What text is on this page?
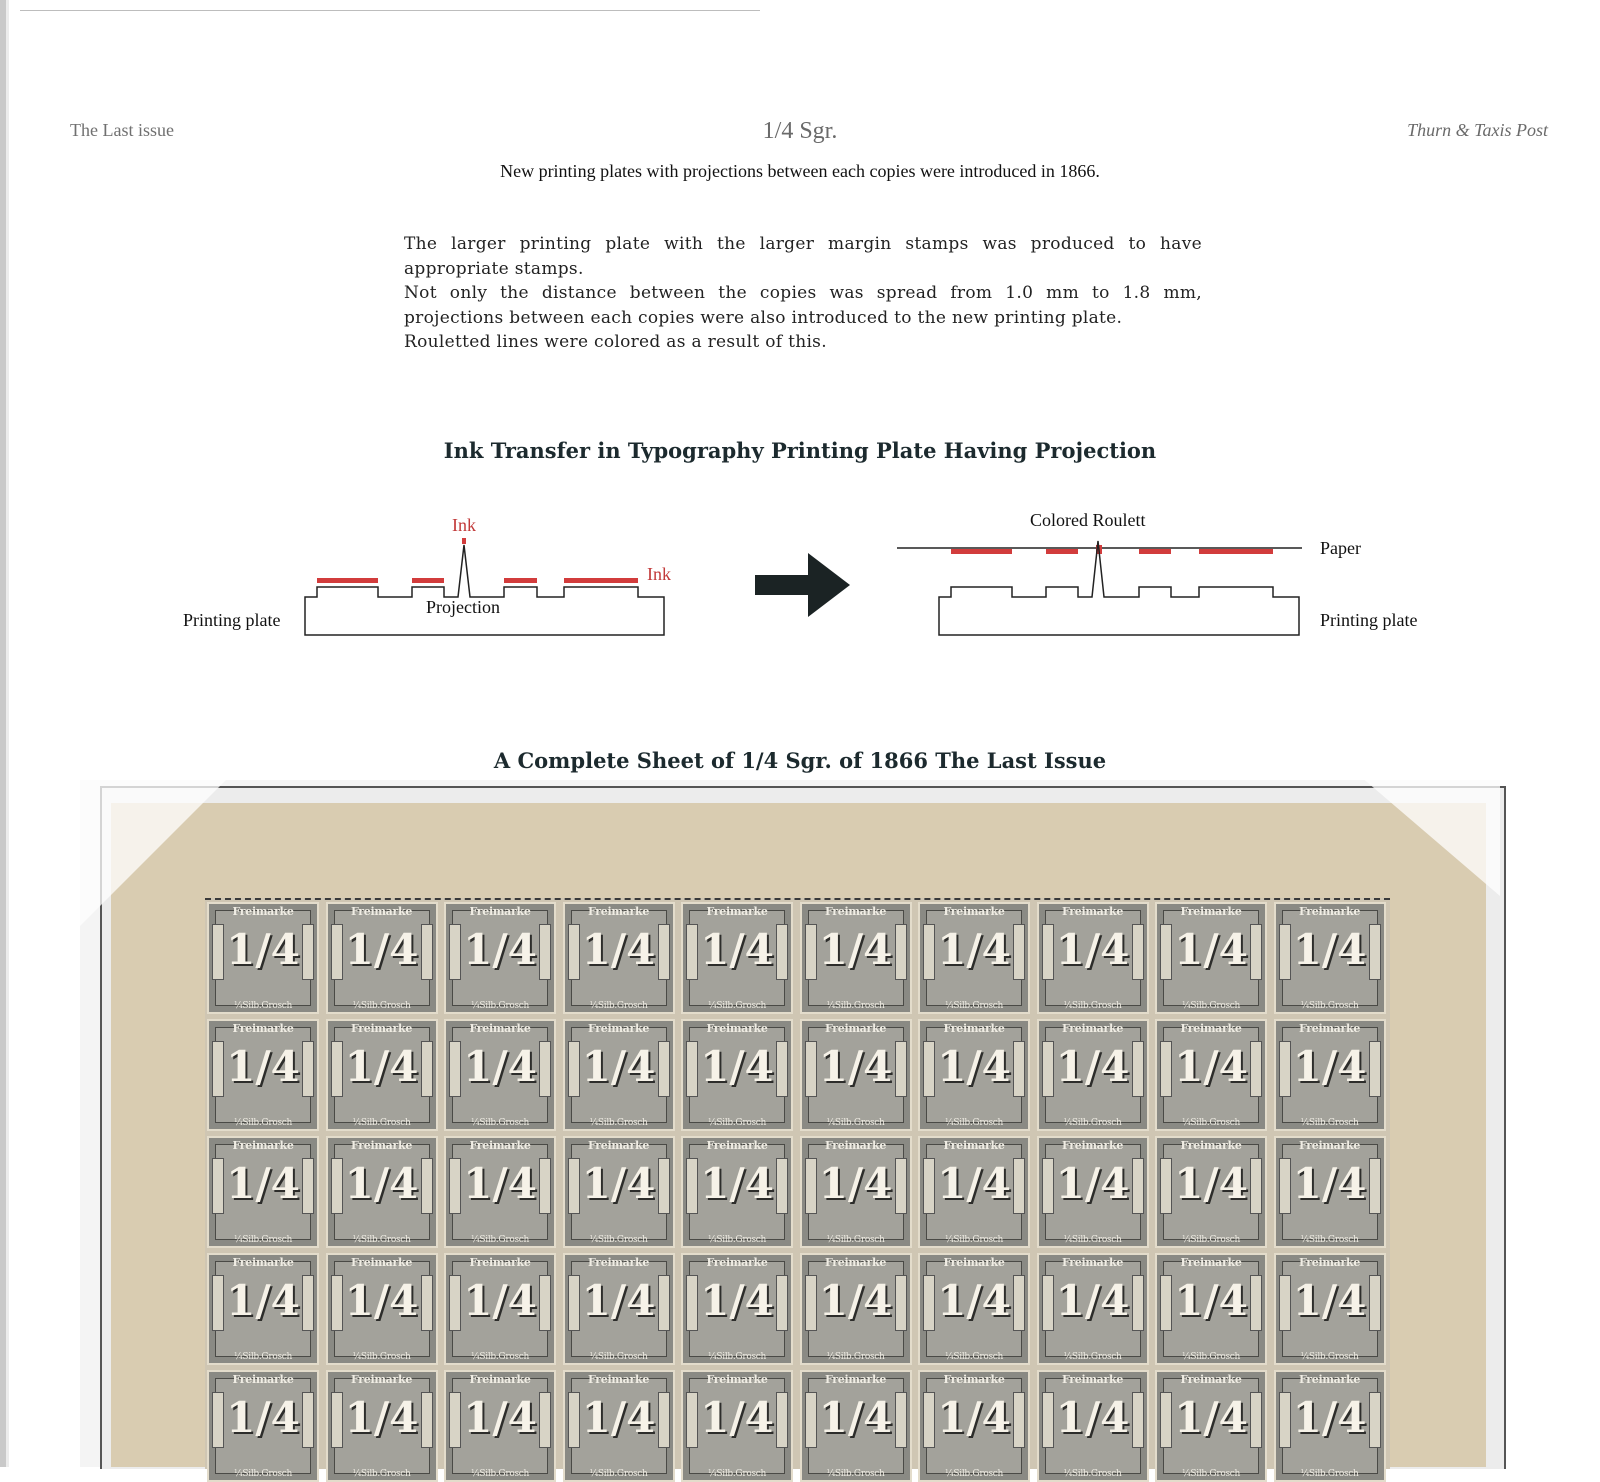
The Last issue	1/4 Sgr.	Thurn & Taxis Post
New printing plates with projections between each copies were introduced in 1866.

The larger printing plate with the larger margin stamps was produced to have appropriate stamps.

Not only the distance between the copies was spread from 1.0 mm to 1.8 mm, projections between each copies were also introduced to the new printing plate.

Rouletted lines were colored as a result of this.

Ink Transfer in Typography Printing Plate Having Projection
Printing plate
Ink
Ink
Projection
Colored Roulett
Paper
Printing plate
A Complete Sheet of 1/4 Sgr. of 1866 The Last Issue
Freimarke
1/4
¼Silb.Grosch
Freimarke
1/4
¼Silb.Grosch
Freimarke
1/4
¼Silb.Grosch
Freimarke
1/4
¼Silb.Grosch
Freimarke
1/4
¼Silb.Grosch
Freimarke
1/4
¼Silb.Grosch
Freimarke
1/4
¼Silb.Grosch
Freimarke
1/4
¼Silb.Grosch
Freimarke
1/4
¼Silb.Grosch
Freimarke
1/4
¼Silb.Grosch
Freimarke
1/4
¼Silb.Grosch
Freimarke
1/4
¼Silb.Grosch
Freimarke
1/4
¼Silb.Grosch
Freimarke
1/4
¼Silb.Grosch
Freimarke
1/4
¼Silb.Grosch
Freimarke
1/4
¼Silb.Grosch
Freimarke
1/4
¼Silb.Grosch
Freimarke
1/4
¼Silb.Grosch
Freimarke
1/4
¼Silb.Grosch
Freimarke
1/4
¼Silb.Grosch
Freimarke
1/4
¼Silb.Grosch
Freimarke
1/4
¼Silb.Grosch
Freimarke
1/4
¼Silb.Grosch
Freimarke
1/4
¼Silb.Grosch
Freimarke
1/4
¼Silb.Grosch
Freimarke
1/4
¼Silb.Grosch
Freimarke
1/4
¼Silb.Grosch
Freimarke
1/4
¼Silb.Grosch
Freimarke
1/4
¼Silb.Grosch
Freimarke
1/4
¼Silb.Grosch
Freimarke
1/4
¼Silb.Grosch
Freimarke
1/4
¼Silb.Grosch
Freimarke
1/4
¼Silb.Grosch
Freimarke
1/4
¼Silb.Grosch
Freimarke
1/4
¼Silb.Grosch
Freimarke
1/4
¼Silb.Grosch
Freimarke
1/4
¼Silb.Grosch
Freimarke
1/4
¼Silb.Grosch
Freimarke
1/4
¼Silb.Grosch
Freimarke
1/4
¼Silb.Grosch
Freimarke
1/4
¼Silb.Grosch
Freimarke
1/4
¼Silb.Grosch
Freimarke
1/4
¼Silb.Grosch
Freimarke
1/4
¼Silb.Grosch
Freimarke
1/4
¼Silb.Grosch
Freimarke
1/4
¼Silb.Grosch
Freimarke
1/4
¼Silb.Grosch
Freimarke
1/4
¼Silb.Grosch
Freimarke
1/4
¼Silb.Grosch
Freimarke
1/4
¼Silb.Grosch
